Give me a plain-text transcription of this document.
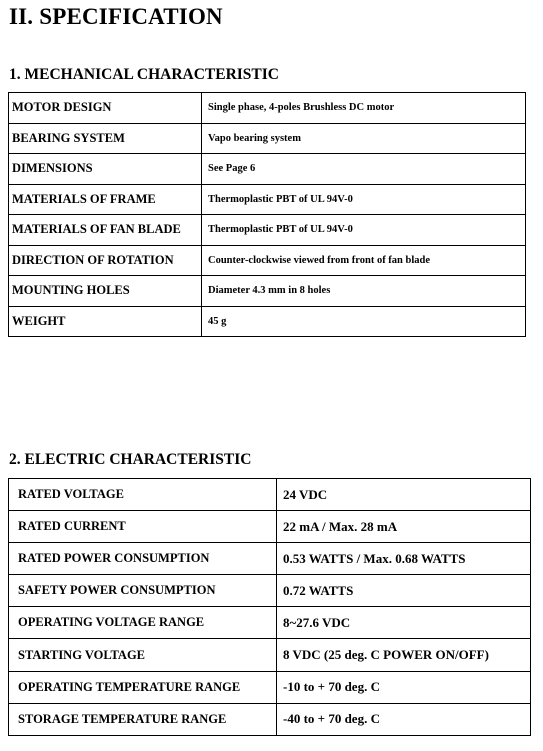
II. SPECIFICATION
1. MECHANICAL CHARACTERISTIC
MOTOR DESIGN	Single phase, 4-poles Brushless DC motor
BEARING SYSTEM	Vapo bearing system
DIMENSIONS	See Page 6
MATERIALS OF FRAME	Thermoplastic PBT of UL 94V-0
MATERIALS OF FAN BLADE	Thermoplastic PBT of UL 94V-0
DIRECTION OF ROTATION	Counter-clockwise viewed from front of fan blade
MOUNTING HOLES	Diameter 4.3 mm in 8 holes
WEIGHT	45 g
2. ELECTRIC CHARACTERISTIC
RATED VOLTAGE	24 VDC
RATED CURRENT	22 mA / Max. 28 mA
RATED POWER CONSUMPTION	0.53 WATTS / Max. 0.68 WATTS
SAFETY POWER CONSUMPTION	0.72 WATTS
OPERATING VOLTAGE RANGE	8~27.6 VDC
STARTING VOLTAGE	8 VDC (25 deg. C POWER ON/OFF)
OPERATING TEMPERATURE RANGE	-10 to + 70 deg. C
STORAGE TEMPERATURE RANGE	-40 to + 70 deg. C
